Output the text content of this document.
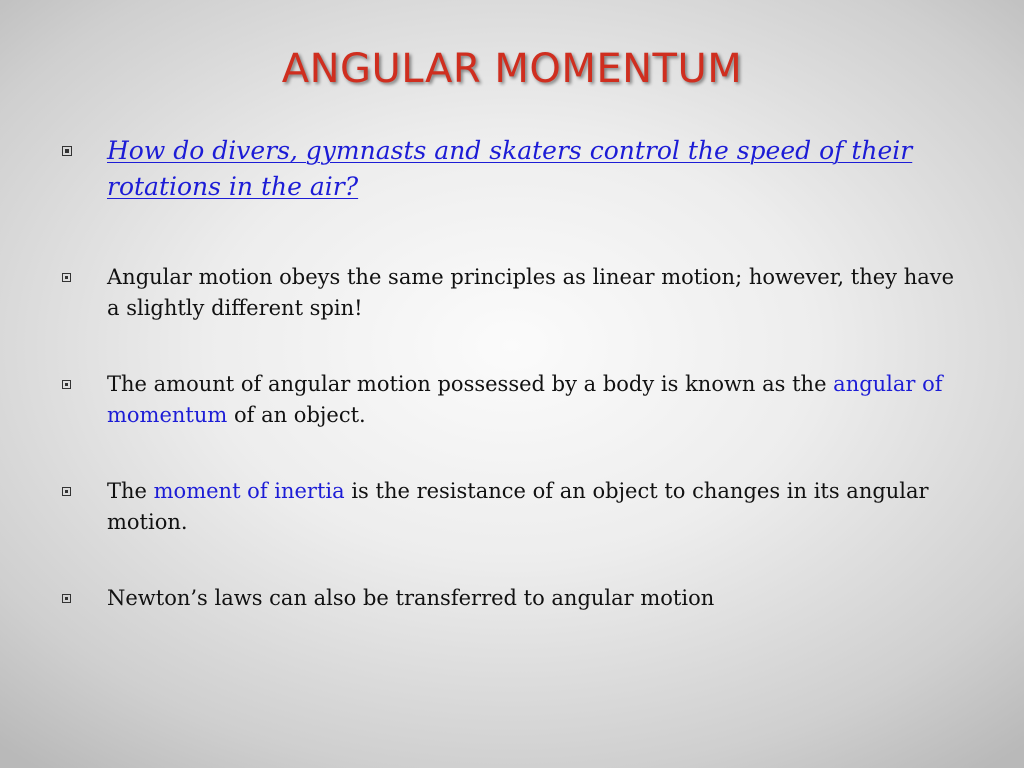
ANGULAR MOMENTUM
How do divers, gymnasts and skaters control the speed of their rotations in the air?
Angular motion obeys the same principles as linear motion; however, they have a slightly different spin!
The amount of angular motion possessed by a body is known as the angular of momentum of an object.
The moment of inertia is the resistance of an object to changes in its angular motion.
Newton’s laws can also be transferred to angular motion
